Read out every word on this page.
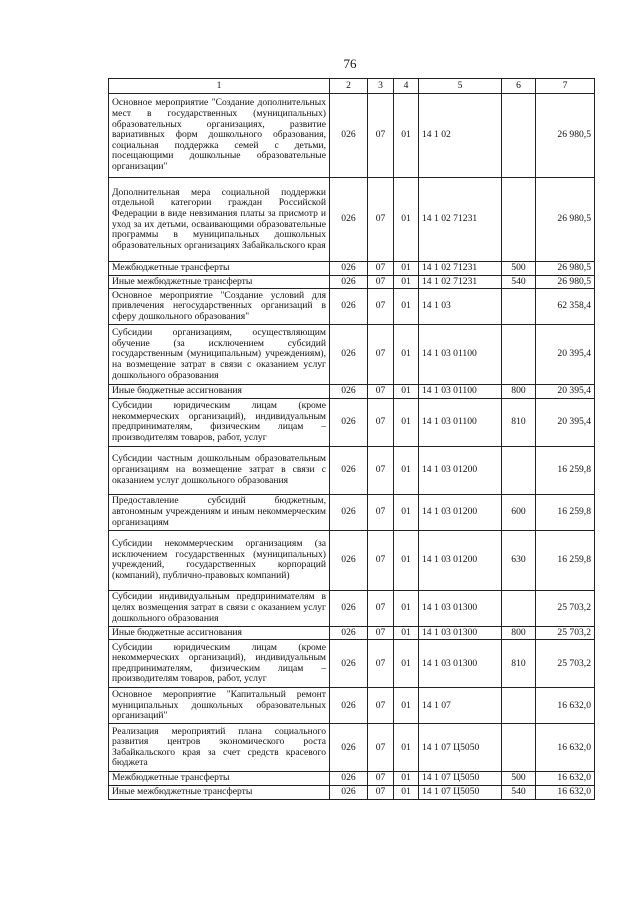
76
1	2	3	4	5	6	7
Основное мероприятие "Создание дополнительных мест в государственных (муниципальных) образовательных организациях, развитие вариативных форм дошкольного образования, социальная поддержка семей с детьми, посещающими дошкольные образовательные организации"	026	07	01	14 1 02		26 980,5
Дополнительная мера социальной поддержки отдельной категории граждан Российской Федерации в виде невзимания платы за присмотр и уход за их детьми, осваивающими образовательные программы в муниципальных дошкольных образовательных организациях Забайкальского края	026	07	01	14 1 02 71231		26 980,5
Межбюджетные трансферты	026	07	01	14 1 02 71231	500	26 980,5
Иные межбюджетные трансферты	026	07	01	14 1 02 71231	540	26 980,5
Основное мероприятие "Создание условий для привлечения негосударственных организаций в сферу дошкольного образования"	026	07	01	14 1 03		62 358,4
Субсидии организациям, осуществляющим обучение (за исключением субсидий государственным (муниципальным) учреждениям), на возмещение затрат в связи с оказанием услуг дошкольного образования	026	07	01	14 1 03 01100		20 395,4
Иные бюджетные ассигнования	026	07	01	14 1 03 01100	800	20 395,4
Субсидии юридическим лицам (кроме некоммерческих организаций), индивидуальным предпринимателям, физическим лицам – производителям товаров, работ, услуг	026	07	01	14 1 03 01100	810	20 395,4
Субсидии частным дошкольным образовательным организациям на возмещение затрат в связи с оказанием услуг дошкольного образования	026	07	01	14 1 03 01200		16 259,8
Предоставление субсидий бюджетным, автономным учреждениям и иным некоммерческим организациям	026	07	01	14 1 03 01200	600	16 259,8
Субсидии некоммерческим организациям (за исключением государственных (муниципальных) учреждений, государственных корпораций (компаний), публично-правовых компаний)	026	07	01	14 1 03 01200	630	16 259,8
Субсидии индивидуальным предпринимателям в целях возмещения затрат в связи с оказанием услуг дошкольного образования	026	07	01	14 1 03 01300		25 703,2
Иные бюджетные ассигнования	026	07	01	14 1 03 01300	800	25 703,2
Субсидии юридическим лицам (кроме некоммерческих организаций), индивидуальным предпринимателям, физическим лицам – производителям товаров, работ, услуг	026	07	01	14 1 03 01300	810	25 703,2
Основное мероприятие "Капитальный ремонт муниципальных дошкольных образовательных организаций"	026	07	01	14 1 07		16 632,0
Реализация мероприятий плана социального развития центров экономического роста Забайкальского края за счет средств красевого бюджета	026	07	01	14 1 07 Ц5050		16 632,0
Межбюджетные трансферты	026	07	01	14 1 07 Ц5050	500	16 632,0
Иные межбюджетные трансферты	026	07	01	14 1 07 Ц5050	540	16 632,0
